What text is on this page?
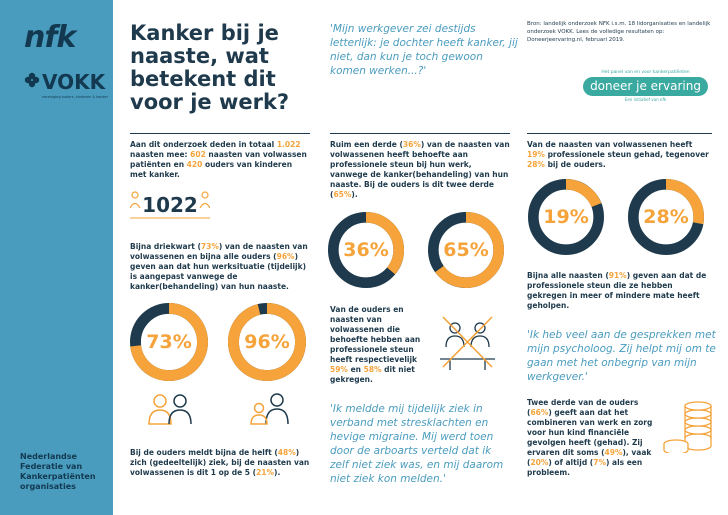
nfk
VOKK
vereniging ouders, kinderen & kanker
Nederlandse Federatie van Kankerpatiënten organisaties
Kanker bij je naaste, wat betekent dit voor je werk?
'Mijn werkgever zei destijds letterlijk: je dochter heeft kanker, jij niet, dan kun je toch gewoon komen werken...?'
Bron: landelijk onderzoek NFK i.s.m. 18 lidorganisaties en landelijk onderzoek VOKK. Lees de volledige resultaten op: Doneerjeervaring.nl, februari 2019.
Het panel van en voor kankerpatiënten
doneer je ervaring
Een initiatief van nfk
Aan dit onderzoek deden in totaal 1.022 naasten mee: 602 naasten van volwassen patiënten en 420 ouders van kinderen met kanker.
1022
Bijna driekwart (73%) van de naasten van volwassenen en bijna alle ouders (96%) geven aan dat hun werksituatie (tijdelijk) is aangepast vanwege de kanker(behandeling) van hun naaste.
73%	96%
Bij de ouders meldt bijna de helft (48%) zich (gedeeltelijk) ziek, bij de naasten van volwassenen is dit 1 op de 5 (21%).
Ruim een derde (36%) van de naasten van volwassenen heeft behoefte aan professionele steun bij hun werk, vanwege de kanker(behandeling) van hun naaste. Bij de ouders is dit twee derde (65%).
36%	65%
Van de ouders en naasten van volwassenen die behoefte hebben aan professionele steun heeft respectievelijk 59% en 58% dit niet gekregen.
'Ik meldde mij tijdelijk ziek in verband met stresklachten en hevige migraine. Mij werd toen door de arboarts verteld dat ik zelf niet ziek was, en mij daarom niet ziek kon melden.'
Van de naasten van volwassenen heeft 19% professionele steun gehad, tegenover 28% bij de ouders.
19%	28%
Bijna alle naasten (91%) geven aan dat de professionele steun die ze hebben gekregen in meer of mindere mate heeft geholpen.
'Ik heb veel aan de gesprekken met mijn psycholoog. Zij helpt mij om te gaan met het onbegrip van mijn werkgever.'
Twee derde van de ouders (66%) geeft aan dat het combineren van werk en zorg voor hun kind financiële gevolgen heeft (gehad). Zij ervaren dit soms (49%), vaak (20%) of altijd (7%) als een probleem.
